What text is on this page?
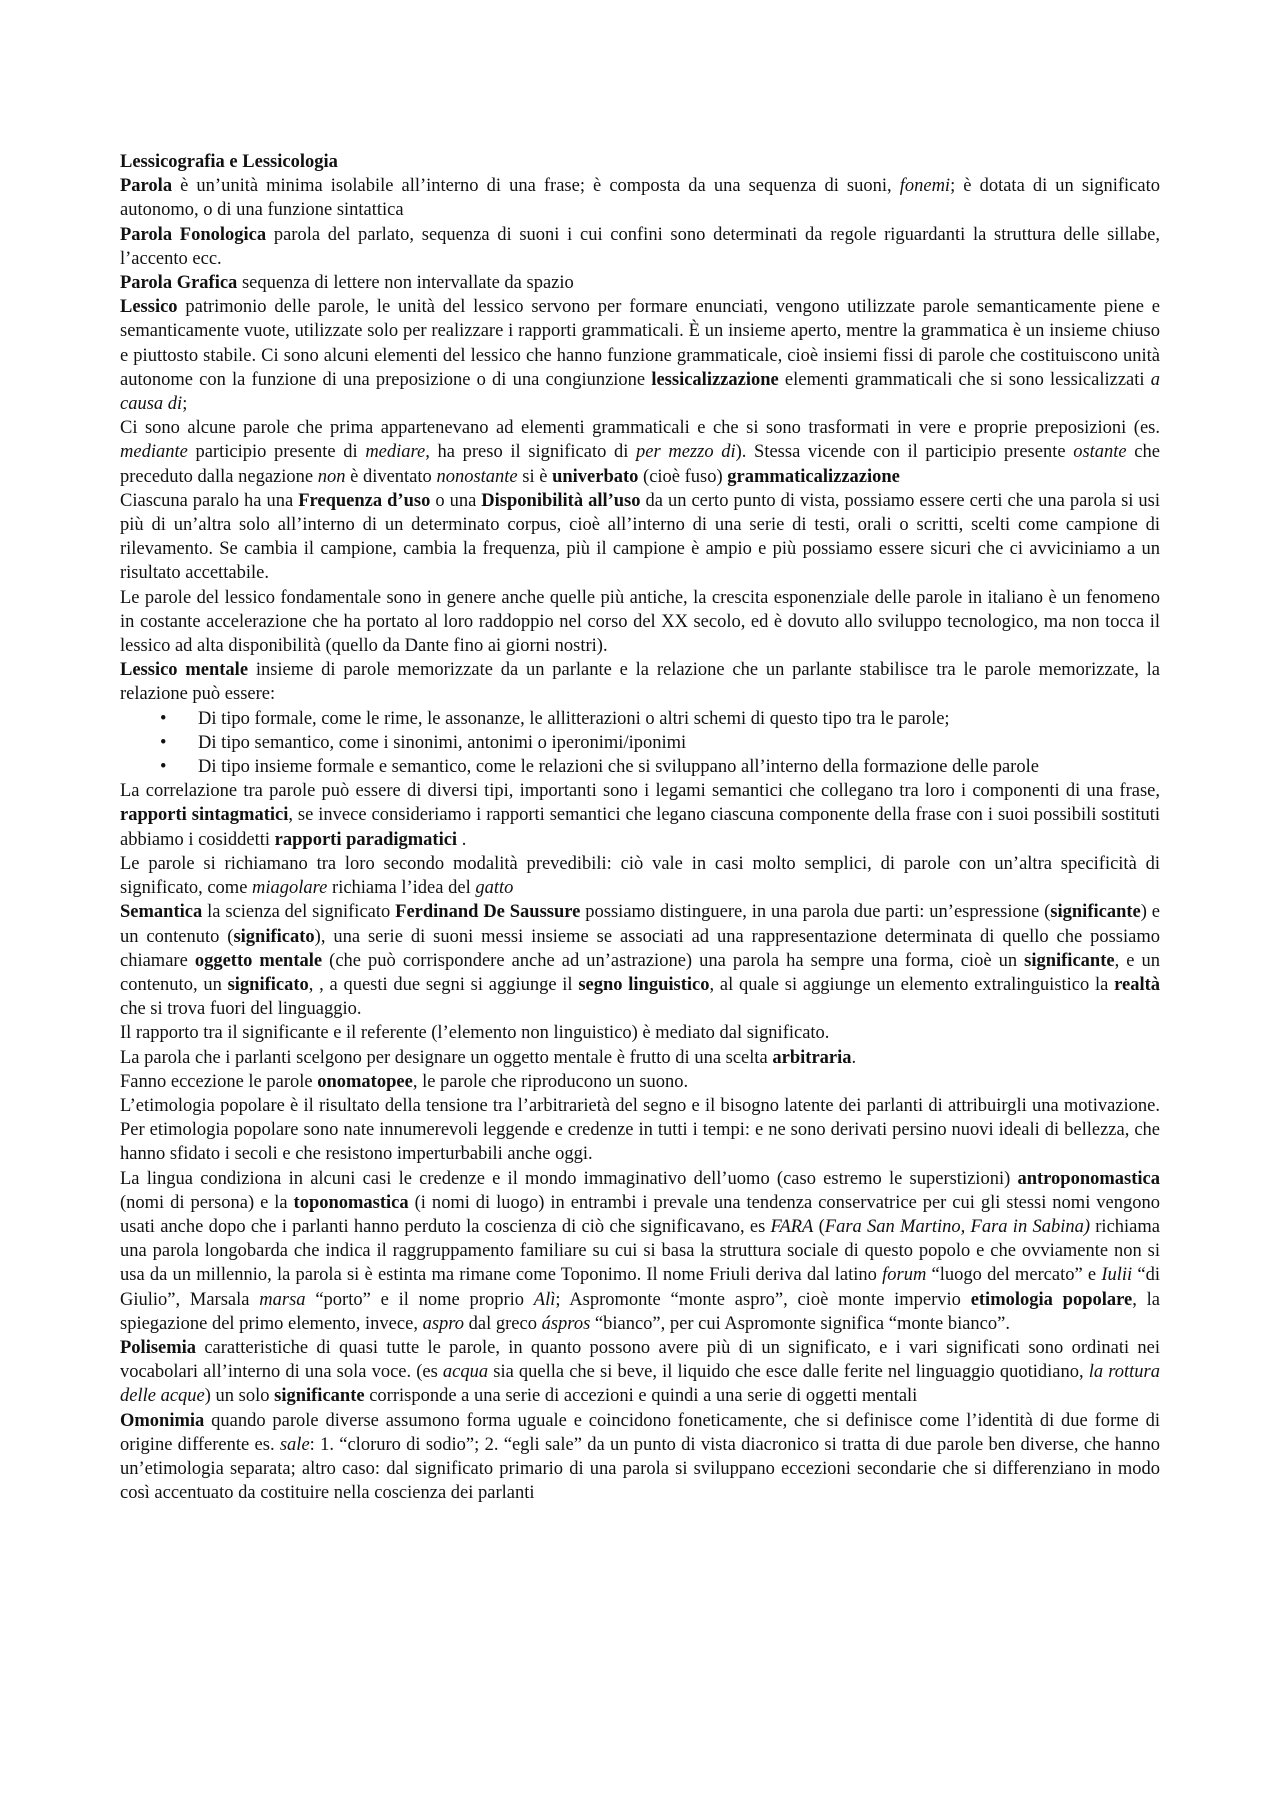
Lessicografia e Lessicologia

Parola è un’unità minima isolabile all’interno di una frase; è composta da una sequenza di suoni, fonemi; è dotata di un significato autonomo, o di una funzione sintattica

Parola Fonologica parola del parlato, sequenza di suoni i cui confini sono determinati da regole riguardanti la struttura delle sillabe, l’accento ecc.

Parola Grafica sequenza di lettere non intervallate da spazio

Lessico patrimonio delle parole, le unità del lessico servono per formare enunciati, vengono utilizzate parole semanticamente piene e semanticamente vuote, utilizzate solo per realizzare i rapporti grammaticali. È un insieme aperto, mentre la grammatica è un insieme chiuso e piuttosto stabile. Ci sono alcuni elementi del lessico che hanno funzione grammaticale, cioè insiemi fissi di parole che costituiscono unità autonome con la funzione di una preposizione o di una congiunzione lessicalizzazione elementi grammaticali che si sono lessicalizzati a causa di;

Ci sono alcune parole che prima appartenevano ad elementi grammaticali e che si sono trasformati in vere e proprie preposizioni (es. mediante participio presente di mediare, ha preso il significato di per mezzo di). Stessa vicende con il participio presente ostante che preceduto dalla negazione non è diventato nonostante si è univerbato (cioè fuso) grammaticalizzazione

Ciascuna paralo ha una Frequenza d’uso o una Disponibilità all’uso da un certo punto di vista, possiamo essere certi che una parola si usi più di un’altra solo all’interno di un determinato corpus, cioè all’interno di una serie di testi, orali o scritti, scelti come campione di rilevamento. Se cambia il campione, cambia la frequenza, più il campione è ampio e più possiamo essere sicuri che ci avviciniamo a un risultato accettabile.

Le parole del lessico fondamentale sono in genere anche quelle più antiche, la crescita esponenziale delle parole in italiano è un fenomeno in costante accelerazione che ha portato al loro raddoppio nel corso del XX secolo, ed è dovuto allo sviluppo tecnologico, ma non tocca il lessico ad alta disponibilità (quello da Dante fino ai giorni nostri).

Lessico mentale insieme di parole memorizzate da un parlante e la relazione che un parlante stabilisce tra le parole memorizzate, la relazione può essere:

• Di tipo formale, come le rime, le assonanze, le allitterazioni o altri schemi di questo tipo tra le parole;
• Di tipo semantico, come i sinonimi, antonimi o iperonimi/iponimi
• Di tipo insieme formale e semantico, come le relazioni che si sviluppano all’interno della formazione delle parole

La correlazione tra parole può essere di diversi tipi, importanti sono i legami semantici che collegano tra loro i componenti di una frase, rapporti sintagmatici, se invece consideriamo i rapporti semantici che legano ciascuna componente della frase con i suoi possibili sostituti abbiamo i cosiddetti rapporti paradigmatici .

Le parole si richiamano tra loro secondo modalità prevedibili: ciò vale in casi molto semplici, di parole con un’altra specificità di significato, come miagolare richiama l’idea del gatto

Semantica la scienza del significato Ferdinand De Saussure possiamo distinguere, in una parola due parti: un’espressione (significante) e un contenuto (significato), una serie di suoni messi insieme se associati ad una rappresentazione determinata di quello che possiamo chiamare oggetto mentale (che può corrispondere anche ad un’astrazione) una parola ha sempre una forma, cioè un significante, e un contenuto, un significato, , a questi due segni si aggiunge il segno linguistico, al quale si aggiunge un elemento extralinguistico la realtà che si trova fuori del linguaggio.

Il rapporto tra il significante e il referente (l’elemento non linguistico) è mediato dal significato.

La parola che i parlanti scelgono per designare un oggetto mentale è frutto di una scelta arbitraria.

Fanno eccezione le parole onomatopee, le parole che riproducono un suono.

L’etimologia popolare è il risultato della tensione tra l’arbitrarietà del segno e il bisogno latente dei parlanti di attribuirgli una motivazione. Per etimologia popolare sono nate innumerevoli leggende e credenze in tutti i tempi: e ne sono derivati persino nuovi ideali di bellezza, che hanno sfidato i secoli e che resistono imperturbabili anche oggi.

La lingua condiziona in alcuni casi le credenze e il mondo immaginativo dell’uomo (caso estremo le superstizioni) antroponomastica (nomi di persona) e la toponomastica (i nomi di luogo) in entrambi i prevale una tendenza conservatrice per cui gli stessi nomi vengono usati anche dopo che i parlanti hanno perduto la coscienza di ciò che significavano, es FARA (Fara San Martino, Fara in Sabina) richiama una parola longobarda che indica il raggruppamento familiare su cui si basa la struttura sociale di questo popolo e che ovviamente non si usa da un millennio, la parola si è estinta ma rimane come Toponimo. Il nome Friuli deriva dal latino forum “luogo del mercato” e Iulii “di Giulio”, Marsala marsa “porto” e il nome proprio Alì; Aspromonte “monte aspro”, cioè monte impervio etimologia popolare, la spiegazione del primo elemento, invece, aspro dal greco áspros “bianco”, per cui Aspromonte significa “monte bianco”.

Polisemia caratteristiche di quasi tutte le parole, in quanto possono avere più di un significato, e i vari significati sono ordinati nei vocabolari all’interno di una sola voce. (es acqua sia quella che si beve, il liquido che esce dalle ferite nel linguaggio quotidiano, la rottura delle acque) un solo significante corrisponde a una serie di accezioni e quindi a una serie di oggetti mentali

Omonimia quando parole diverse assumono forma uguale e coincidono foneticamente, che si definisce come l’identità di due forme di origine differente es. sale: 1. “cloruro di sodio”; 2. “egli sale” da un punto di vista diacronico si tratta di due parole ben diverse, che hanno un’etimologia separata; altro caso: dal significato primario di una parola si sviluppano eccezioni secondarie che si differenziano in modo così accentuato da costituire nella coscienza dei parlanti
